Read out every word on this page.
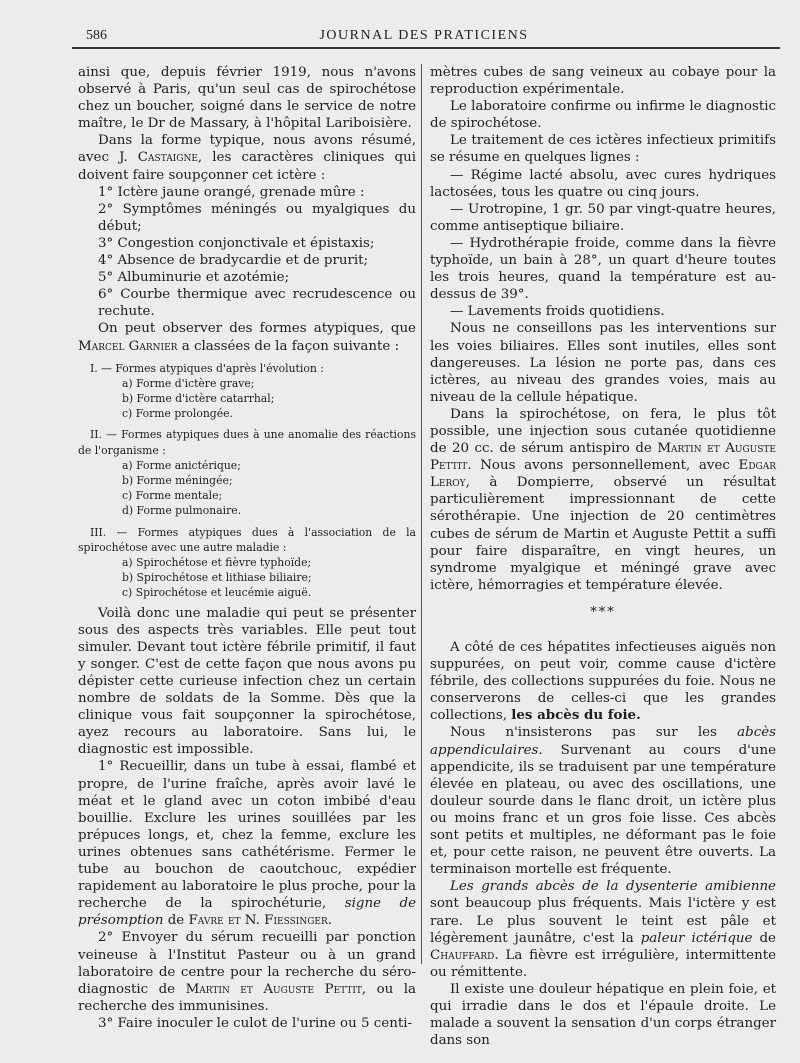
586	JOURNAL DES PRATICIENS

ainsi que, depuis février 1919, nous n'avons observé à Paris, qu'un seul cas de spirochétose chez un boucher, soigné dans le service de notre maître, le Dr de Massary, à l'hôpital Lariboisière.

Dans la forme typique, nous avons résumé, avec J. Castaigne, les caractères cliniques qui doivent faire soupçonner cet ictère :

1° Ictère jaune orangé, grenade mûre :

2° Symptômes méningés ou myalgiques du début;

3° Congestion conjonctivale et épistaxis;

4° Absence de bradycardie et de prurit;

5° Albuminurie et azotémie;

6° Courbe thermique avec recrudescence ou rechute.

On peut observer des formes atypiques, que Marcel Garnier a classées de la façon suivante :

I. — Formes atypiques d'après l'évolution :

a) Forme d'ictère grave;

b) Forme d'ictère catarrhal;

c) Forme prolongée.

II. — Formes atypiques dues à une anomalie des réactions de l'organisme :

a) Forme anictérique;

b) Forme méningée;

c) Forme mentale;

d) Forme pulmonaire.

III. — Formes atypiques dues à l'association de la spirochétose avec une autre maladie :

a) Spirochétose et fièvre typhoïde;

b) Spirochétose et lithiase biliaire;

c) Spirochétose et leucémie aiguë.

Voilà donc une maladie qui peut se présenter sous des aspects très variables. Elle peut tout simuler. Devant tout ictère fébrile primitif, il faut y songer. C'est de cette façon que nous avons pu dépister cette curieuse infection chez un certain nombre de soldats de la Somme. Dès que la clinique vous fait soupçonner la spirochétose, ayez recours au laboratoire. Sans lui, le diagnostic est impossible.

1° Recueillir, dans un tube à essai, flambé et propre, de l'urine fraîche, après avoir lavé le méat et le gland avec un coton imbibé d'eau bouillie. Exclure les urines souillées par les prépuces longs, et, chez la femme, exclure les urines obtenues sans cathétérisme. Fermer le tube au bouchon de caoutchouc, expédier rapidement au laboratoire le plus proche, pour la recherche de la spirochéturie, signe de présomption de Favre et N. Fiessinger.

2° Envoyer du sérum recueilli par ponction veineuse à l'Institut Pasteur ou à un grand laboratoire de centre pour la recherche du séro-diagnostic de Martin et Auguste Pettit, ou la recherche des immunisines.

3° Faire inoculer le culot de l'urine ou 5 centi-

mètres cubes de sang veineux au cobaye pour la reproduction expérimentale.

Le laboratoire confirme ou infirme le diagnostic de spirochétose.

Le traitement de ces ictères infectieux primitifs se résume en quelques lignes :

— Régime lacté absolu, avec cures hydriques lactosées, tous les quatre ou cinq jours.

— Urotropine, 1 gr. 50 par vingt-quatre heures, comme antiseptique biliaire.

— Hydrothérapie froide, comme dans la fièvre typhoïde, un bain à 28°, un quart d'heure toutes les trois heures, quand la température est au-dessus de 39°.

— Lavements froids quotidiens.

Nous ne conseillons pas les interventions sur les voies biliaires. Elles sont inutiles, elles sont dangereuses. La lésion ne porte pas, dans ces ictères, au niveau des grandes voies, mais au niveau de la cellule hépatique.

Dans la spirochétose, on fera, le plus tôt possible, une injection sous cutanée quotidienne de 20 cc. de sérum antispiro de Martin et Auguste Pettit. Nous avons personnellement, avec Edgar Leroy, à Dompierre, observé un résultat particulièrement impressionnant de cette sérothérapie. Une injection de 20 centimètres cubes de sérum de Martin et Auguste Pettit a suffi pour faire disparaître, en vingt heures, un syndrome myalgique et méningé grave avec ictère, hémorragies et température élevée.

***

A côté de ces hépatites infectieuses aiguës non suppurées, on peut voir, comme cause d'ictère fébrile, des collections suppurées du foie. Nous ne conserverons de celles-ci que les grandes collections, les abcès du foie.

Nous n'insisterons pas sur les abcès appendiculaires. Survenant au cours d'une appendicite, ils se traduisent par une température élevée en plateau, ou avec des oscillations, une douleur sourde dans le flanc droit, un ictère plus ou moins franc et un gros foie lisse. Ces abcès sont petits et multiples, ne déformant pas le foie et, pour cette raison, ne peuvent être ouverts. La terminaison mortelle est fréquente.

Les grands abcès de la dysenterie amibienne sont beaucoup plus fréquents. Mais l'ictère y est rare. Le plus souvent le teint est pâle et légèrement jaunâtre, c'est la paleur ictérique de Chauffard. La fièvre est irrégulière, intermittente ou rémittente.

Il existe une douleur hépatique en plein foie, et qui irradie dans le dos et l'épaule droite. Le malade a souvent la sensation d'un corps étranger dans son
